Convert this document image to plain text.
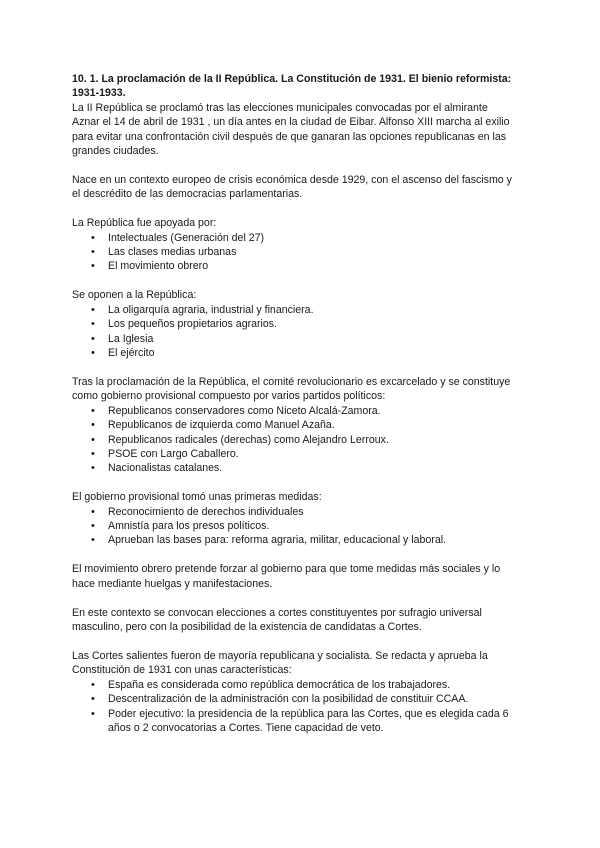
10. 1. La proclamación de la II República. La Constitución de 1931. El bienio reformista: 1931-1933.

La II República se proclamó tras las elecciones municipales convocadas por el almirante Aznar el 14 de abril de 1931 , un día antes en la ciudad de Eibar. Alfonso XIII marcha al exilio para evitar una confrontación civil después de que ganaran las opciones republicanas en las grandes ciudades.

Nace en un contexto europeo de crisis económica desde 1929, con el ascenso del fascismo y el descrédito de las democracias parlamentarias.

La República fue apoyada por:

• Intelectuales (Generación del 27)
• Las clases medias urbanas
• El movimiento obrero

Se oponen a la República:

• La oligarquía agraria, industrial y financiera.
• Los pequeños propietarios agrarios.
• La Iglesia
• El ejército

Tras la proclamación de la República, el comité revolucionario es excarcelado y se constituye como gobierno provisional compuesto por varios partidos políticos:

• Republicanos conservadores como Niceto Alcalá-Zamora.
• Republicanos de izquierda como Manuel Azaña.
• Republicanos radicales (derechas) como Alejandro Lerroux.
• PSOE con Largo Caballero.
• Nacionalistas catalanes.

El gobierno provisional tomó unas primeras medidas:

• Reconocimiento de derechos individuales
• Amnistía para los presos políticos.
• Aprueban las bases para: reforma agraria, militar, educacional y laboral.

El movimiento obrero pretende forzar al gobierno para que tome medidas más sociales y lo hace mediante huelgas y manifestaciones.

En este contexto se convocan elecciones a cortes constituyentes por sufragio universal masculino, pero con la posibilidad de la existencia de candidatas a Cortes.

Las Cortes salientes fueron de mayoría republicana y socialista. Se redacta y aprueba la Constitución de 1931 con unas características:

• España es considerada como república democrática de los trabajadores.
• Descentralización de la administración con la posibilidad de constituir CCAA.
• Poder ejecutivo: la presidencia de la república para las Cortes, que es elegida cada 6 años o 2 convocatorias a Cortes. Tiene capacidad de veto.
